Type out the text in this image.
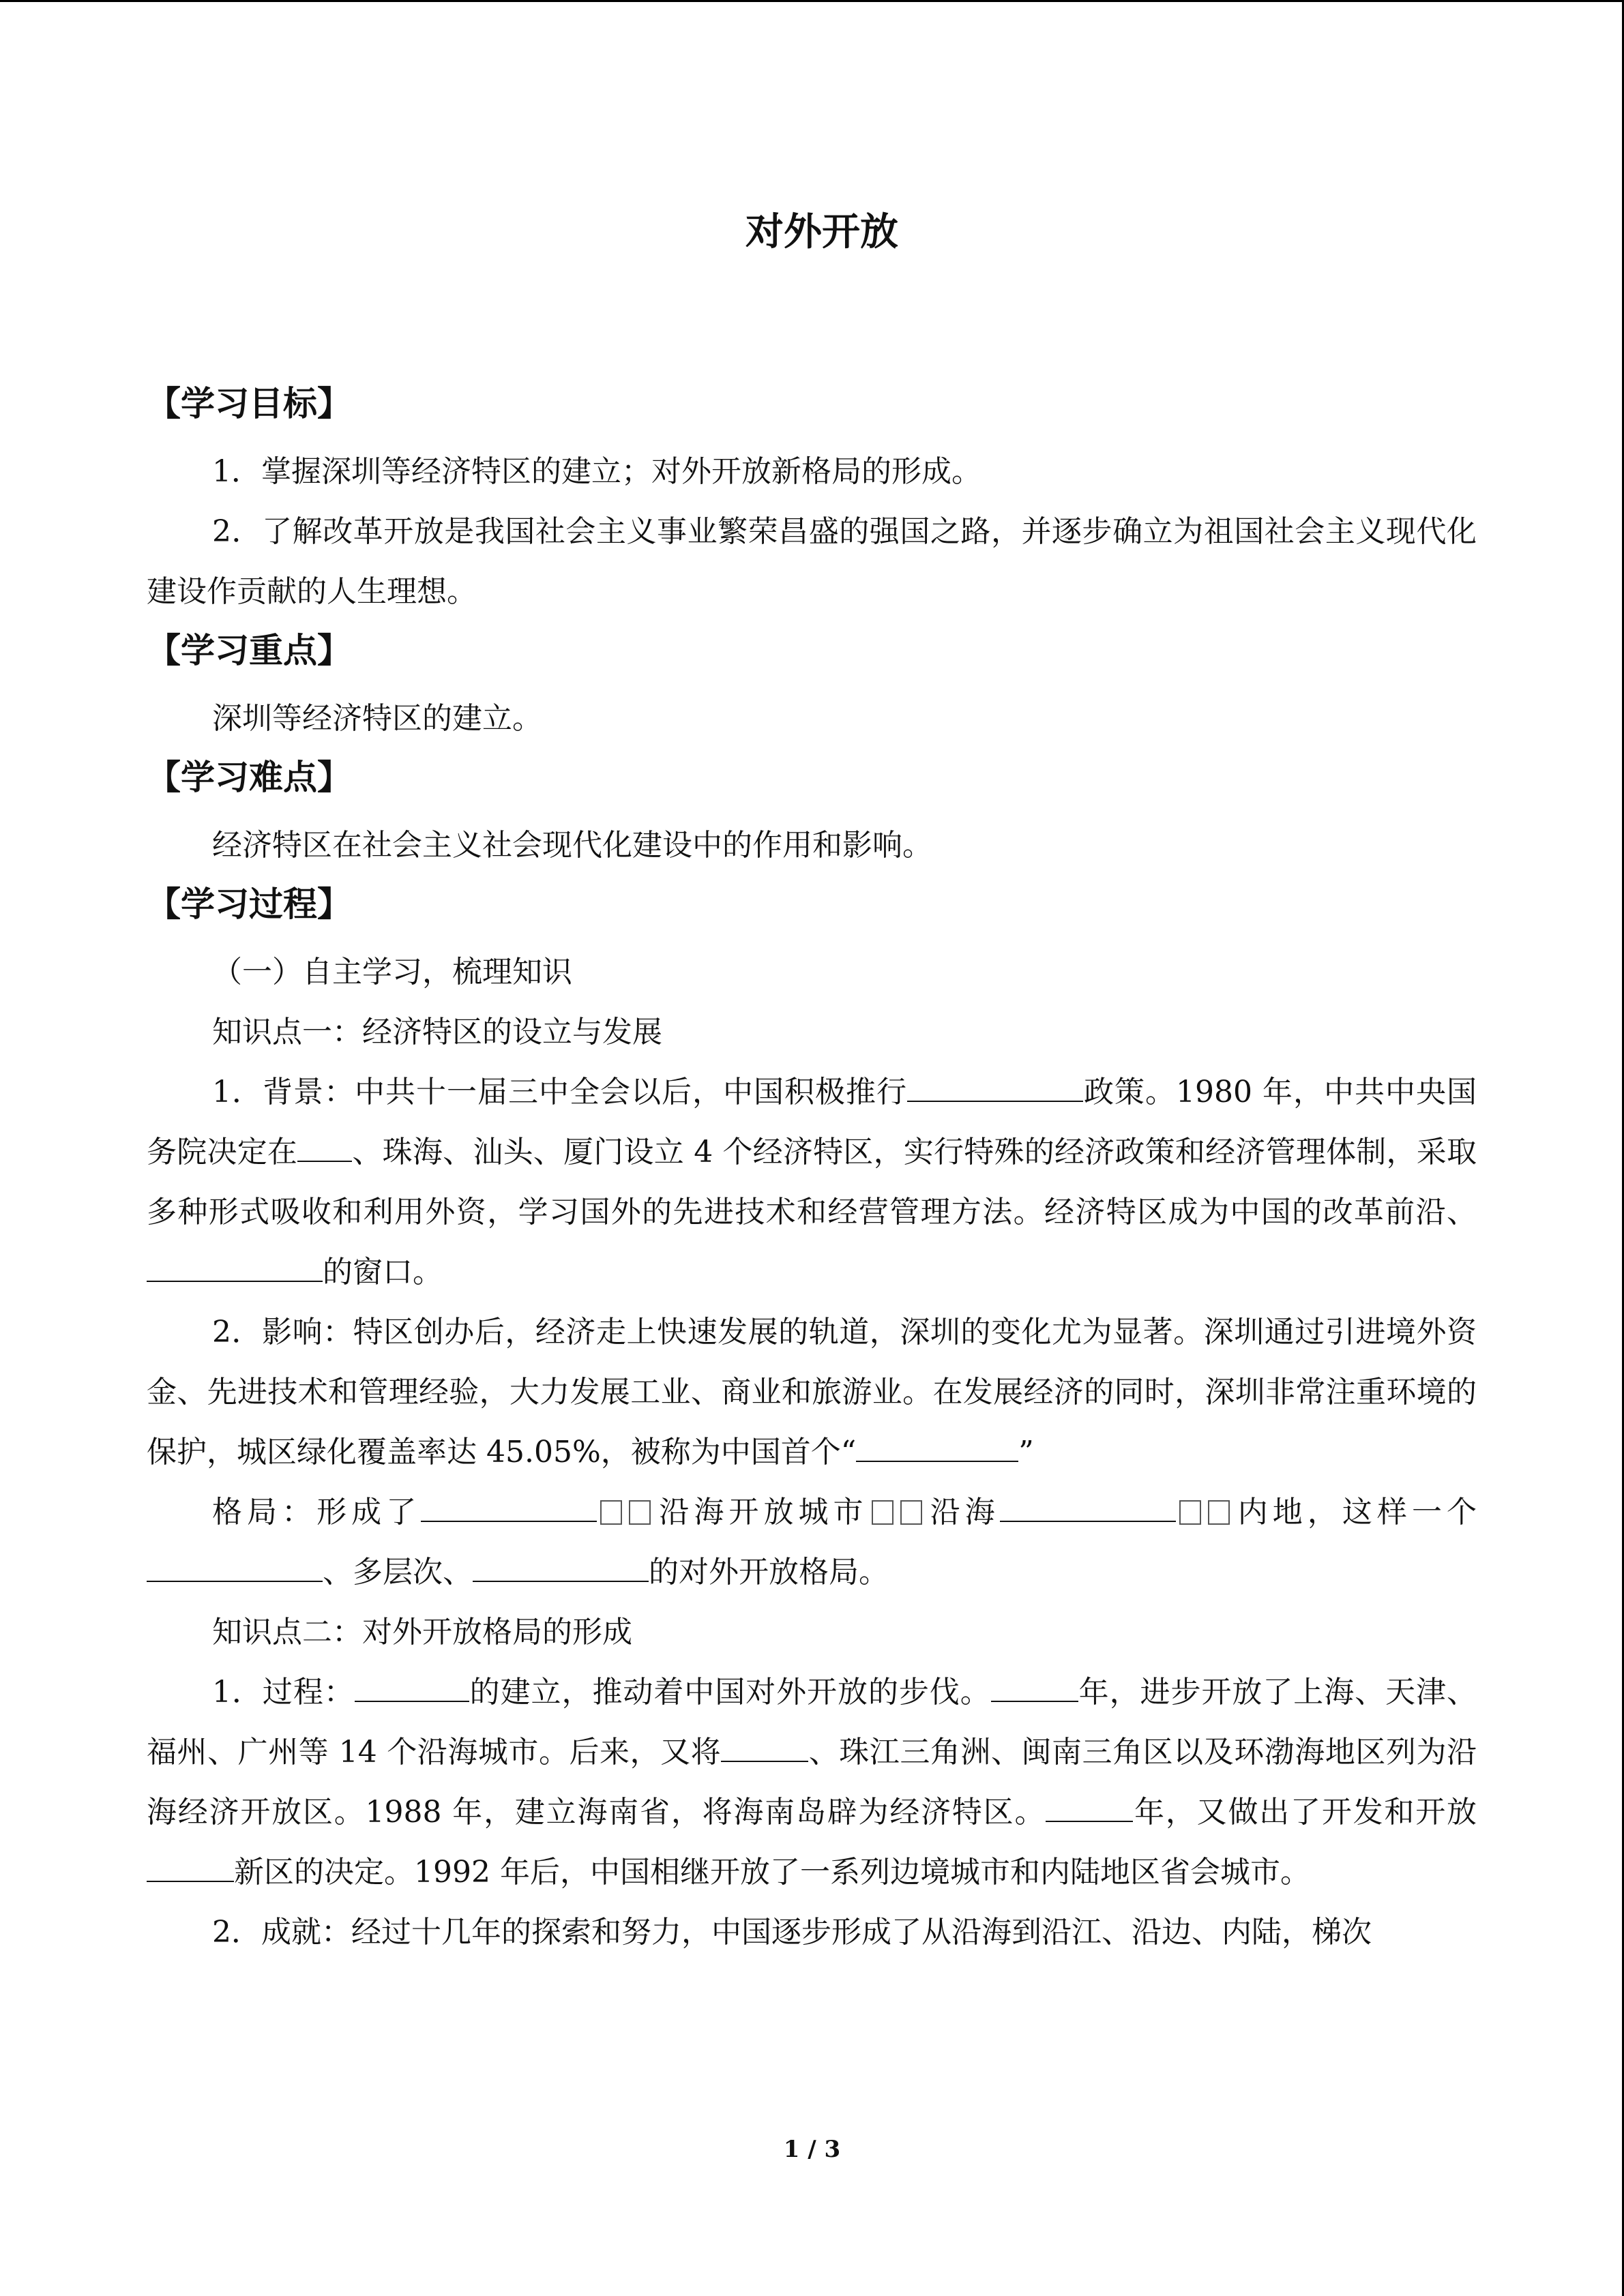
对外开放
【学习目标】

1．掌握深圳等经济特区的建立；对外开放新格局的形成。

2．了解改革开放是我国社会主义事业繁荣昌盛的强国之路，并逐步确立为祖国社会主义现代化建设作贡献的人生理想。

【学习重点】

深圳等经济特区的建立。

【学习难点】

经济特区在社会主义社会现代化建设中的作用和影响。

【学习过程】

（一）自主学习，梳理知识

知识点一：经济特区的设立与发展

1．背景：中共十一届三中全会以后，中国积极推行	政策。1980 年，中共中央国务院决定在 、珠海、汕头、厦门设立 4 个经济特区，实行特殊的经济政策和经济管理体制，采取多种形式吸收和利用外资，学习国外的先进技术和经营管理方法。经济特区成为中国的改革前沿、的窗口。

2．影响：特区创办后，经济走上快速发展的轨道，深圳的变化尤为显著。深圳通过引进境外资金、先进技术和管理经验，大力发展工业、商业和旅游业。在发展经济的同时，深圳非常注重环境的保护，城区绿化覆盖率达 45.05%，被称为中国首个“	”

格局：形成了	沿海开放城市 沿海	内地，这样一个、多层次、	的对外开放格局。

知识点二：对外开放格局的形成

1．过程：	的建立，推动着中国对外开放的步伐。	年，进步开放了上海、天津、福州、广州等 14 个沿海城市。后来，又将	、珠江三角洲、闽南三角区以及环渤海地区列为沿海经济开放区。1988 年，建立海南省，将海南岛辟为经济特区。	年，又做出了开发和开放新区的决定。1992 年后，中国相继开放了一系列边境城市和内陆地区省会城市。

2．成就：经过十几年的探索和努力，中国逐步形成了从沿海到沿江、沿边、内陆，梯次

1 / 3
